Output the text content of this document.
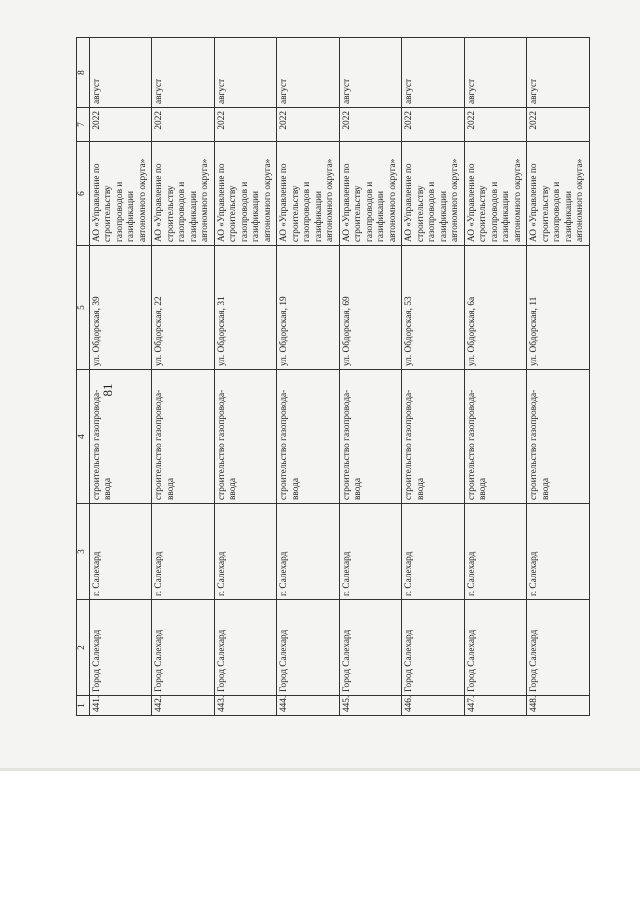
81
1	2	3	4	5	6	7	8
441.	Город Салехард	г. Салехард	строительство газопровода-ввода	ул. Обдорская, 39	АО «Управление по строительству газопроводов и газификации автономного округа»	2022	август
442.	Город Салехард	г. Салехард	строительство газопровода-ввода	ул. Обдорская, 22	АО «Управление по строительству газопроводов и газификации автономного округа»	2022	август
443.	Город Салехард	г. Салехард	строительство газопровода-ввода	ул. Обдорская, 31	АО «Управление по строительству газопроводов и газификации автономного округа»	2022	август
444.	Город Салехард	г. Салехард	строительство газопровода-ввода	ул. Обдорская, 19	АО «Управление по строительству газопроводов и газификации автономного округа»	2022	август
445.	Город Салехард	г. Салехард	строительство газопровода-ввода	ул. Обдорская, 69	АО «Управление по строительству газопроводов и газификации автономного округа»	2022	август
446.	Город Салехард	г. Салехард	строительство газопровода-ввода	ул. Обдорская, 53	АО «Управление по строительству газопроводов и газификации автономного округа»	2022	август
447.	Город Салехард	г. Салехард	строительство газопровода-ввода	ул. Обдорская, 6а	АО «Управление по строительству газопроводов и газификации автономного округа»	2022	август
448.	Город Салехард	г. Салехард	строительство газопровода-ввода	ул. Обдорская, 11	АО «Управление по строительству газопроводов и газификации автономного округа»	2022	август
